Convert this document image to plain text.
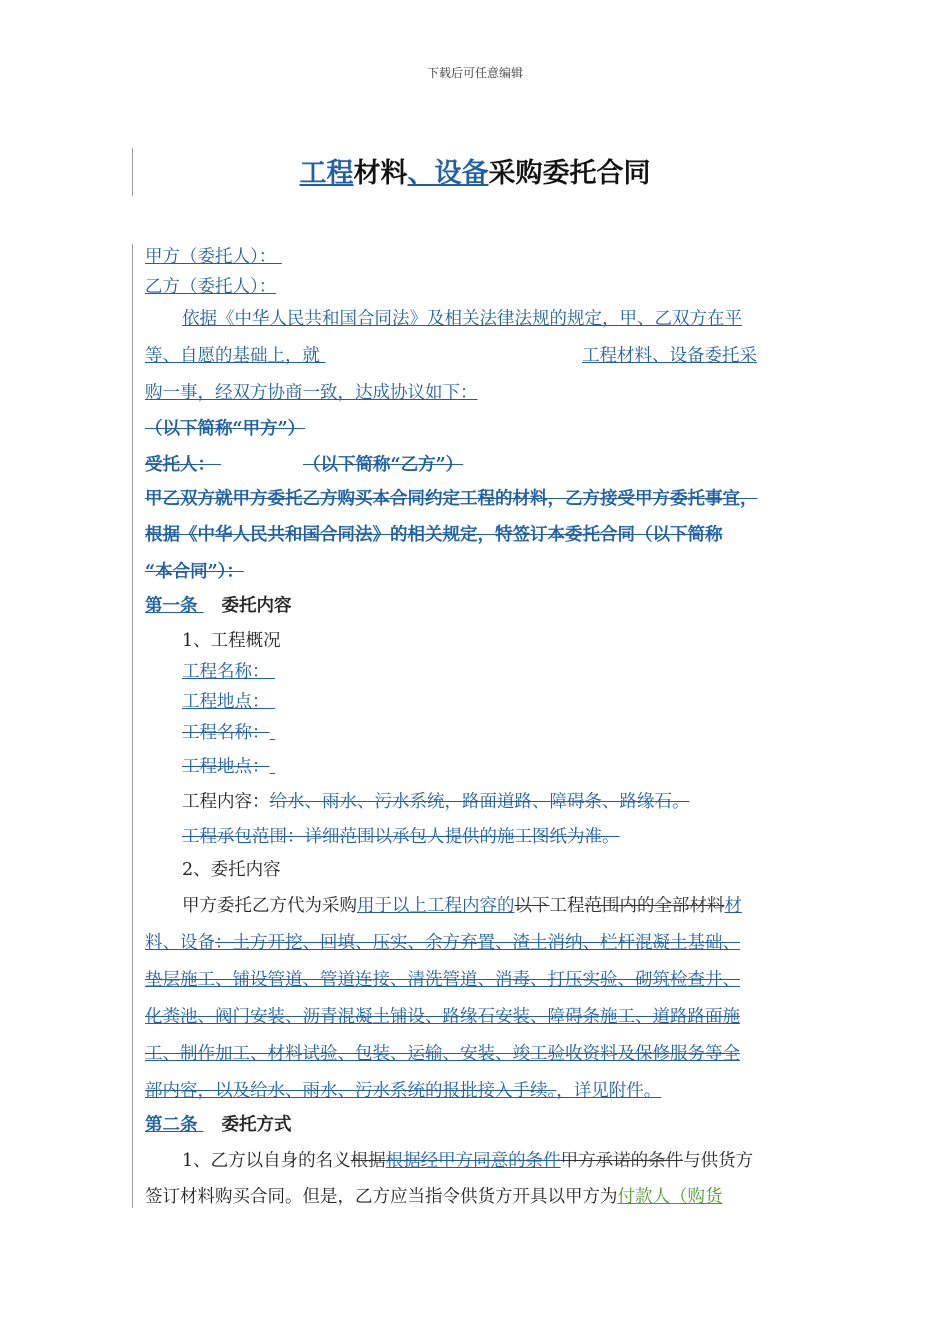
下载后可任意编辑
工程材料、设备采购委托合同
甲方（委托人）：
乙方（委托人）：
依据《中华人民共和国合同法》及相关法律法规的规定，甲、乙双方在平
等、自愿的基础上，就	工程材料、设备委托采
购一事，经双方协商一致，达成协议如下：
（以下简称“甲方”）
受托人：	（以下简称“乙方”）
甲乙双方就甲方委托乙方购买本合同约定工程的材料，乙方接受甲方委托事宜，
根据《中华人民共和国合同法》的相关规定，特签订本委托合同（以下简称
“本合同”）：
第一条 委托内容
1、工程概况
工程名称：
工程地点：
工程名称：
工程地点：
工程内容：给水、雨水、污水系统，路面道路、障碍条、路缘石。
工程承包范围：详细范围以承包人提供的施工图纸为准。
2、委托内容
甲方委托乙方代为采购用于以上工程内容的以下工程范围内的全部材料材
料、设备：土方开挖、回填、压实、余方弃置、渣土消纳、栏杆混凝土基础、
垫层施工、铺设管道、管道连接、清洗管道、消毒、打压实验、砌筑检查井、
化粪池、阀门安装、沥青混凝土铺设、路缘石安装、障碍条施工、道路路面施
工、制作加工、材料试验、包装、运输、安装、竣工验收资料及保修服务等全
部内容，以及给水、雨水、污水系统的报批接入手续。，详见附件。
第二条 委托方式
1、乙方以自身的名义根据根据经甲方同意的条件甲方承诺的条件与供货方
签订材料购买合同。但是，乙方应当指令供货方开具以甲方为付款人（购货
